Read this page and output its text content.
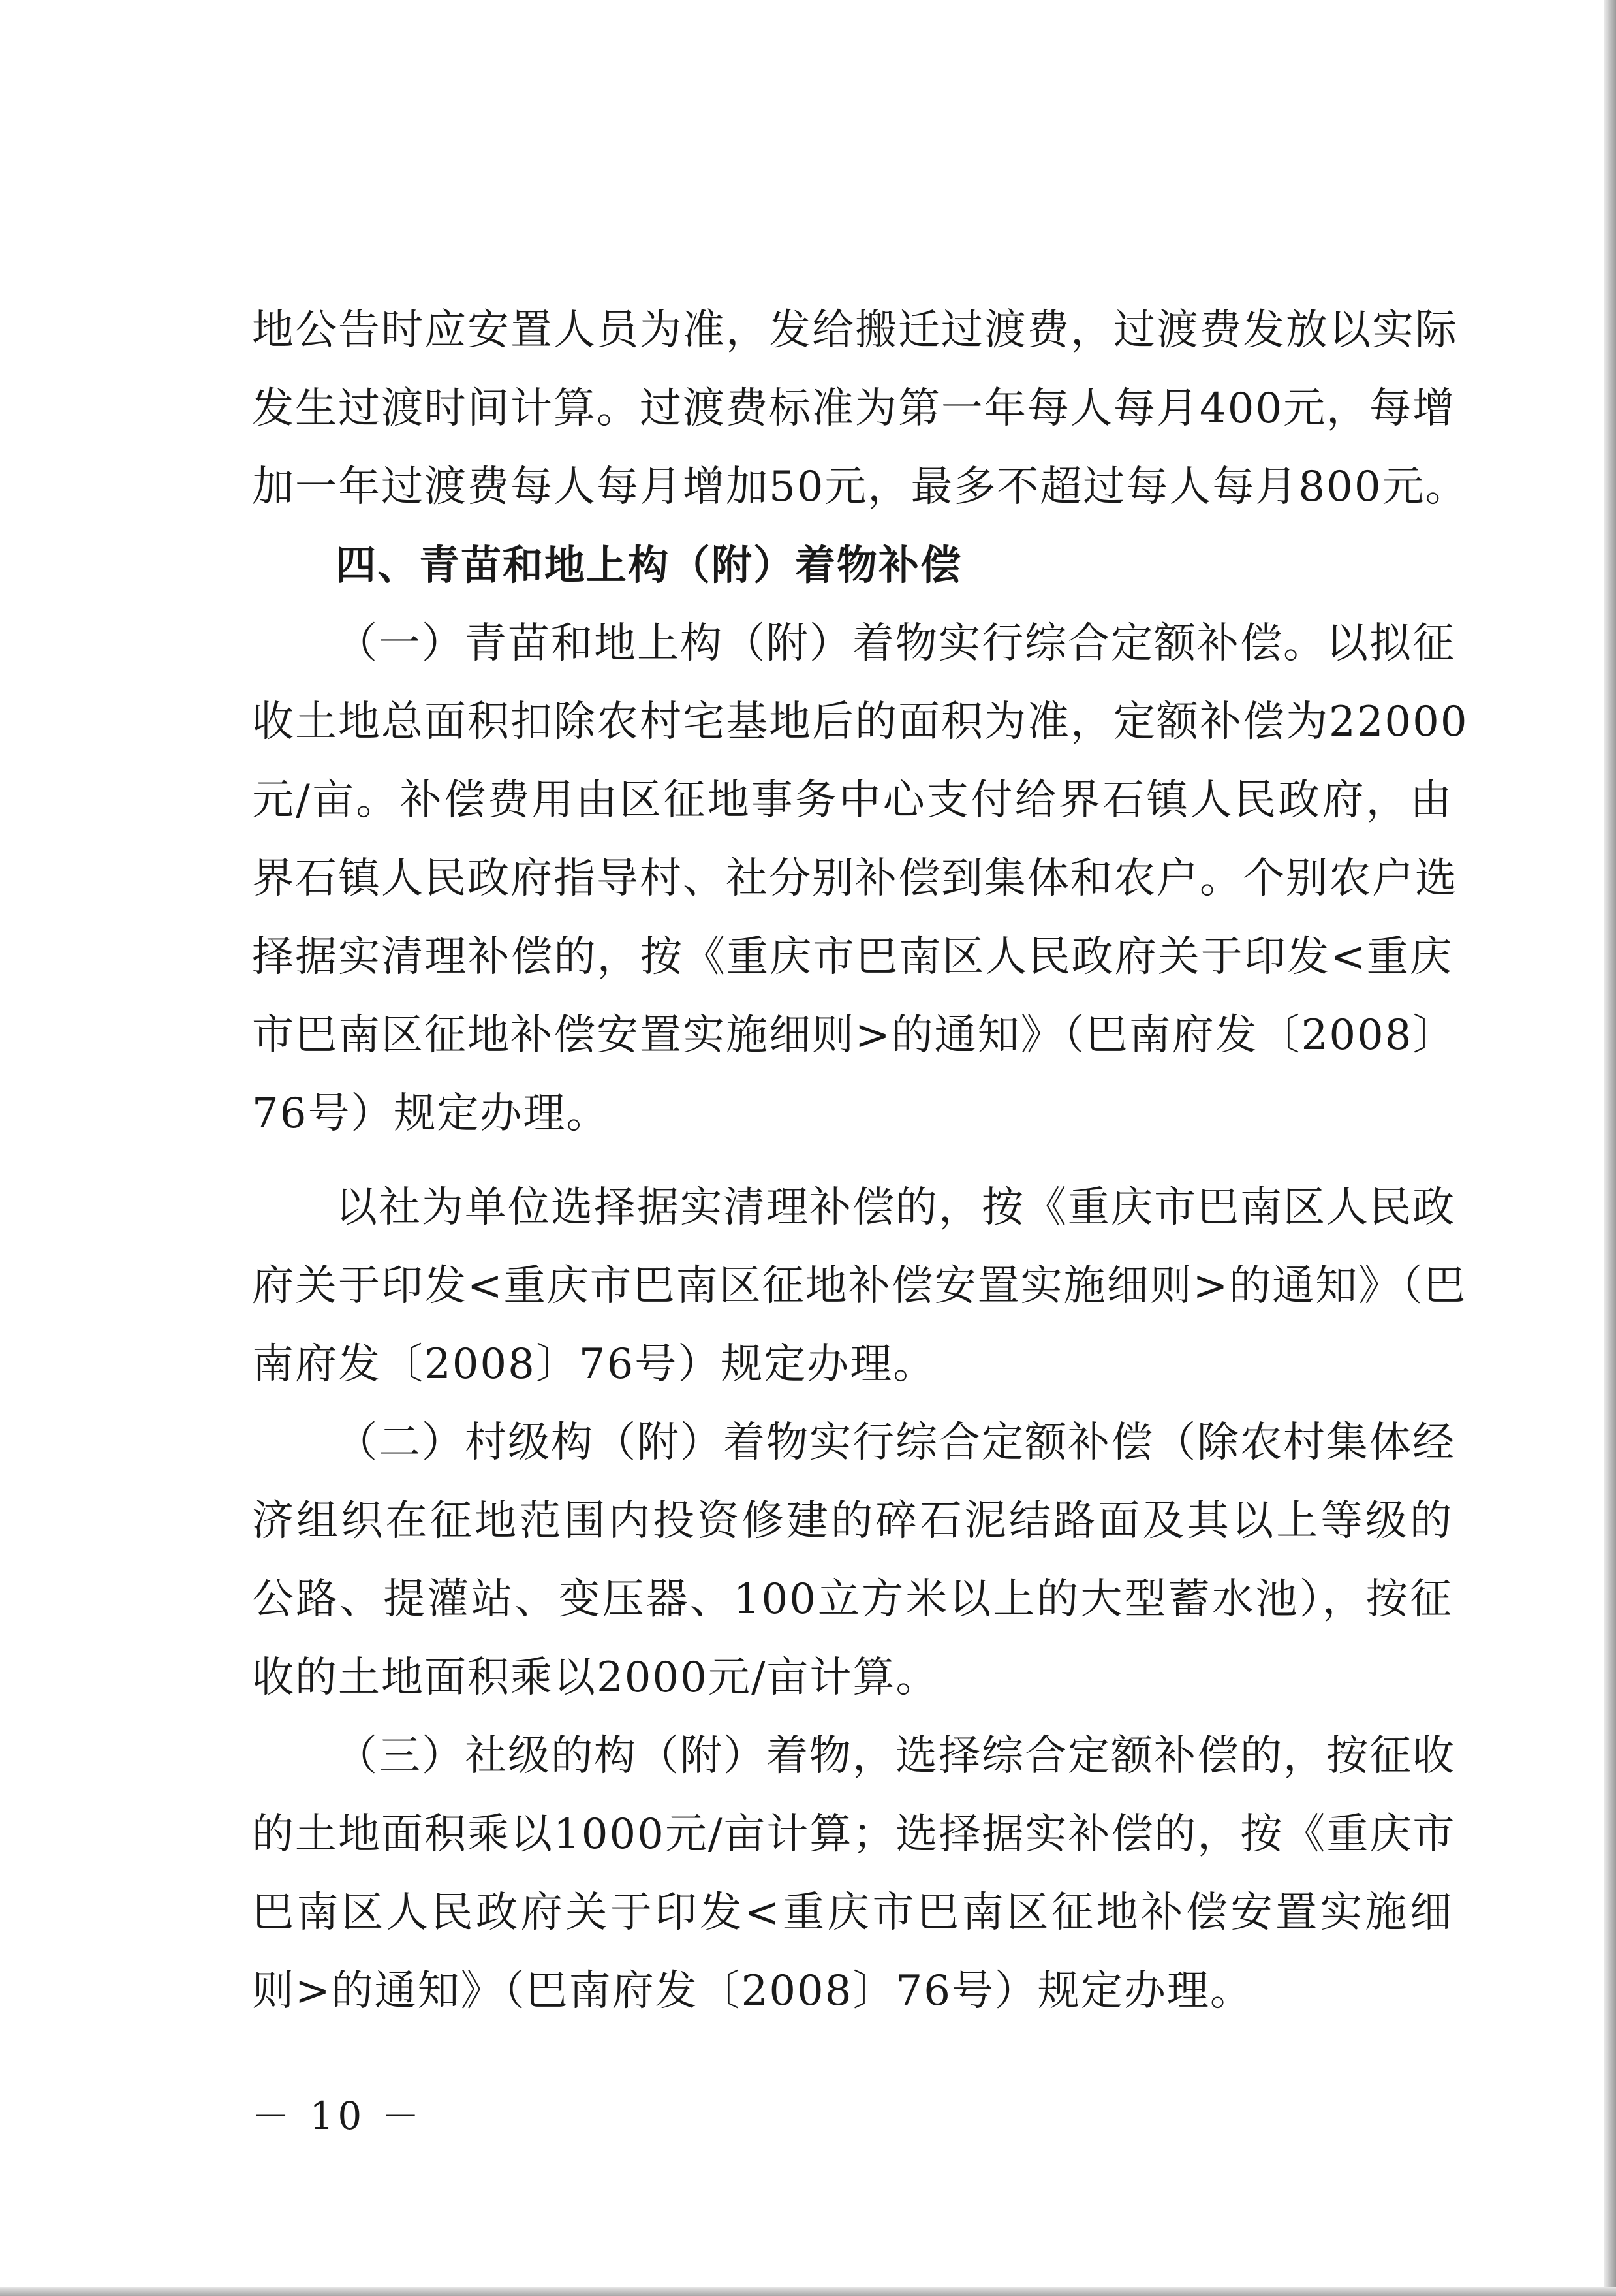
地公告时应安置人员为准，发给搬迁过渡费，过渡费发放以实际
发生过渡时间计算。过渡费标准为第一年每人每月400元，每增
加一年过渡费每人每月增加50元，最多不超过每人每月800元。
四、青苗和地上构（附）着物补偿
（一）青苗和地上构（附）着物实行综合定额补偿。以拟征
收土地总面积扣除农村宅基地后的面积为准，定额补偿为22000
元/亩。补偿费用由区征地事务中心支付给界石镇人民政府，由
界石镇人民政府指导村、社分别补偿到集体和农户。个别农户选
择据实清理补偿的，按《重庆市巴南区人民政府关于印发<重庆
市巴南区征地补偿安置实施细则>的通知》（巴南府发〔2008〕
76号）规定办理。
以社为单位选择据实清理补偿的，按《重庆市巴南区人民政
府关于印发<重庆市巴南区征地补偿安置实施细则>的通知》（巴
南府发〔2008〕76号）规定办理。
（二）村级构（附）着物实行综合定额补偿（除农村集体经
济组织在征地范围内投资修建的碎石泥结路面及其以上等级的
公路、提灌站、变压器、100立方米以上的大型蓄水池），按征
收的土地面积乘以2000元/亩计算。
（三）社级的构（附）着物，选择综合定额补偿的，按征收
的土地面积乘以1000元/亩计算；选择据实补偿的，按《重庆市
巴南区人民政府关于印发<重庆市巴南区征地补偿安置实施细
则>的通知》（巴南府发〔2008〕76号）规定办理。
－ 10 －
